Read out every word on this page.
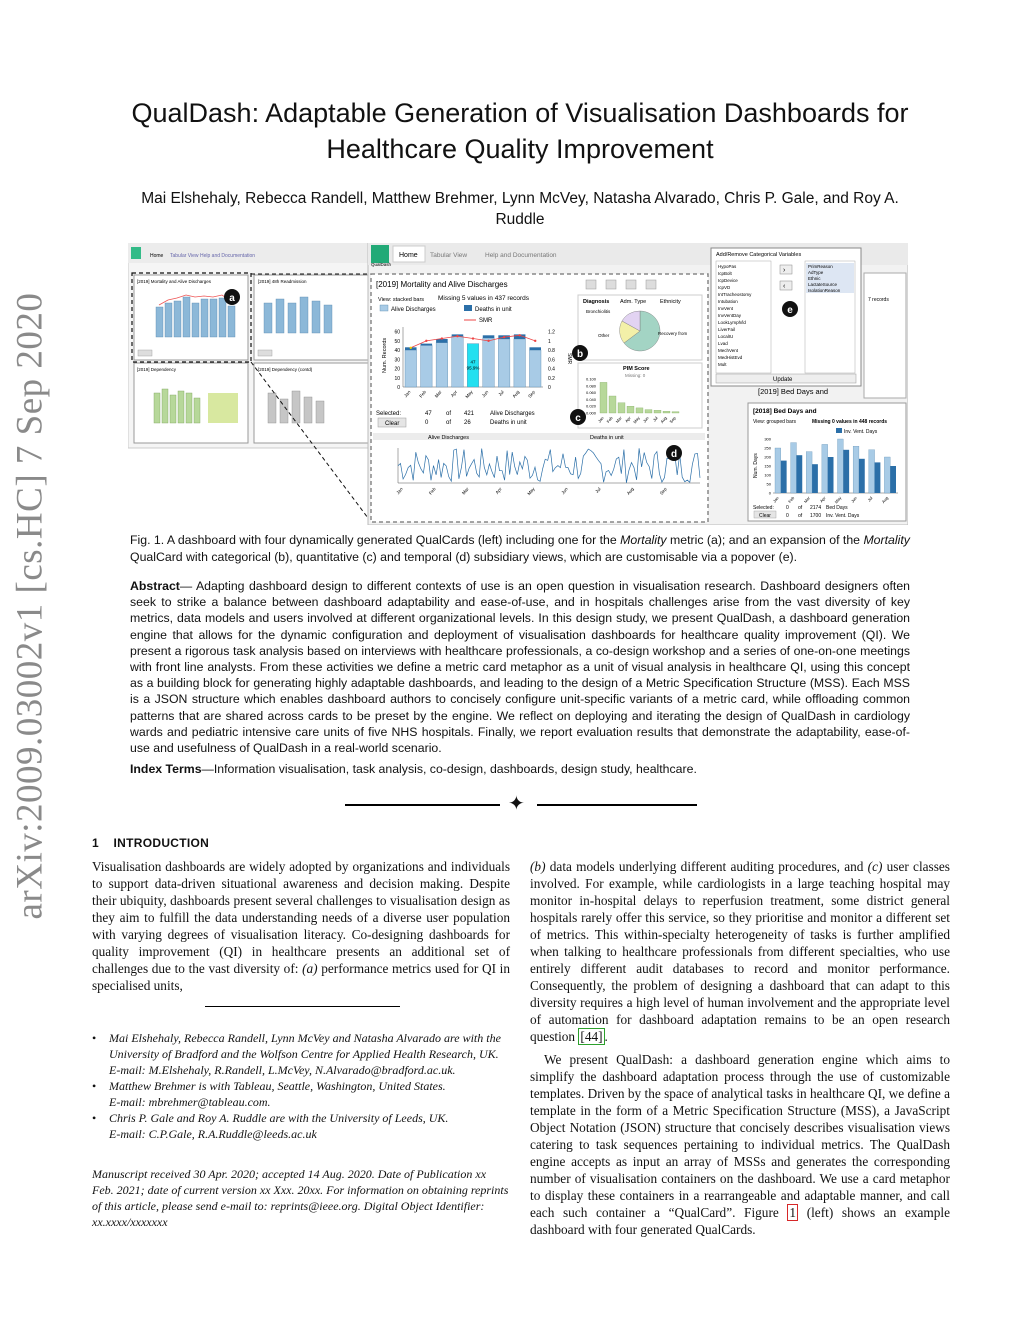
arXiv:2009.03002v1 [cs.HC] 7 Sep 2020
QualDash: Adaptable Generation of Visualisation Dashboards for Healthcare Quality Improvement
Mai Elshehaly, Rebecca Randell, Matthew Brehmer, Lynn McVey, Natasha Alvarado, Chris P. Gale, and Roy A. Ruddle
Home Tabular View Help and Documentation
[2019] Mortality and Alive Discharges	[2019] 48h Readmission
[2019] Dependency	[2019] Dependency (contd)
a
QualDash
Home Tabular View	Help and Documentation
[2019] Mortality and Alive Discharges
View: stacked bars Missing 5 values in 437 records
Alive Discharges	Deaths in unit
SMR
Num. Records	SMR
0
10
20
30
40
50
60
0
0.2
0.4
0.6
0.8
1
1.2
Jan Feb Mar Apr May Jun Jul Aug Sep
47
95.9%
Selected:	47 of 421	Alive Discharges
0	of 26	Deaths in unit
Clear
Alive Discharges	Deaths in unit
Jan	Feb	Mar	Apr	May	Jun	Jul	Aug	Sep
Diagnosis Adm. Type	Ethnicity
Bronchiolitis
Other	Recovery from
PIM Score
Missing: 0
0.100
0.080
0.060
0.040
0.020
0.000
Jan Feb Mar Apr May Jun Jul Aug Sep
b
c
d
Add/Remove Categorical Variables
HypoPas
IcpBolt
IcpDevice
IcpVD
IntTracheostomy
Intubation
InvVent
InvVentDay
LookLymph/ld
LiverFail
LocalIU
Lvad
MechVent
MedHistEvd
Mult
›
‹
PrimReason
AdType
Ethnic
LactateSource
IsolationReason
Update
e
[2019] Bed Days and
7 records
[2018] Bed Days and
View: grouped bars	Missing 0 values in 448 records
Inv. Vent. Days
Num. Days
0
50
100
150
200
250
300
Jan Feb Mar Apr May Jun Jul Aug
Selected: 0 of 2174 Bed Days
0 of 1700 Inv. Vent. Days
Clear
Fig. 1. A dashboard with four dynamically generated QualCards (left) including one for the Mortality metric (a); and an expansion of the Mortality QualCard with categorical (b), quantitative (c) and temporal (d) subsidiary views, which are customisable via a popover (e).
Abstract— Adapting dashboard design to different contexts of use is an open question in visualisation research. Dashboard designers often seek to strike a balance between dashboard adaptability and ease-of-use, and in hospitals challenges arise from the vast diversity of key metrics, data models and users involved at different organizational levels. In this design study, we present QualDash, a dashboard generation engine that allows for the dynamic configuration and deployment of visualisation dashboards for healthcare quality improvement (QI). We present a rigorous task analysis based on interviews with healthcare professionals, a co-design workshop and a series of one-on-one meetings with front line analysts. From these activities we define a metric card metaphor as a unit of visual analysis in healthcare QI, using this concept as a building block for generating highly adaptable dashboards, and leading to the design of a Metric Specification Structure (MSS). Each MSS is a JSON structure which enables dashboard authors to concisely configure unit-specific variants of a metric card, while offloading common patterns that are shared across cards to be preset by the engine. We reflect on deploying and iterating the design of QualDash in cardiology wards and pediatric intensive care units of five NHS hospitals. Finally, we report evaluation results that demonstrate the adaptability, ease-of-use and usefulness of QualDash in a real-world scenario.
Index Terms—Information visualisation, task analysis, co-design, dashboards, design study, healthcare.
✦
1 INTRODUCTION

Visualisation dashboards are widely adopted by organizations and individuals to support data-driven situational awareness and decision making. Despite their ubiquity, dashboards present several challenges to visualisation design as they aim to fulfill the data understanding needs of a diverse user population with varying degrees of visualisation literacy. Co-designing dashboards for quality improvement (QI) in healthcare presents an additional set of challenges due to the vast diversity of: (a) performance metrics used for QI in specialised units,

• Mai Elshehaly, Rebecca Randell, Lynn McVey and Natasha Alvarado are with the University of Bradford and the Wolfson Centre for Applied Health Research, UK.
E-mail: M.Elshehaly, R.Randell, L.McVey, N.Alvarado@bradford.ac.uk.
• Matthew Brehmer is with Tableau, Seattle, Washington, United States.
E-mail: mbrehmer@tableau.com.
• Chris P. Gale and Roy A. Ruddle are with the University of Leeds, UK.
E-mail: C.P.Gale, R.A.Ruddle@leeds.ac.uk
Manuscript received 30 Apr. 2020; accepted 14 Aug. 2020. Date of Publication xx Feb. 2021; date of current version xx Xxx. 20xx. For information on obtaining reprints of this article, please send e-mail to: reprints@ieee.org. Digital Object Identifier: xx.xxxx/xxxxxxx

(b) data models underlying different auditing procedures, and (c) user classes involved. For example, while cardiologists in a large teaching hospital may monitor in-hospital delays to reperfusion treatment, some district general hospitals rarely offer this service, so they prioritise and monitor a different set of metrics. This within-specialty heterogeneity of tasks is further amplified when talking to healthcare professionals from different specialties, who use entirely different audit databases to record and monitor performance. Consequently, the problem of designing a dashboard that can adapt to this diversity requires a high level of human involvement and the appropriate level of automation for dashboard adaptation remains to be an open research question [44] .

We present QualDash: a dashboard generation engine which aims to simplify the dashboard adaptation process through the use of customizable templates. Driven by the space of analytical tasks in healthcare QI, we define a template in the form of a Metric Specification Structure (MSS), a JavaScript Object Notation (JSON) structure that concisely describes visualisation views catering to task sequences pertaining to individual metrics. The QualDash engine accepts as input an array of MSSs and generates the corresponding number of visualisation containers on the dashboard. We use a card metaphor to display these containers in a rearrangeable and adaptable manner, and call each such container a “QualCard”. Figure 1 (left) shows an example dashboard with four generated QualCards.
